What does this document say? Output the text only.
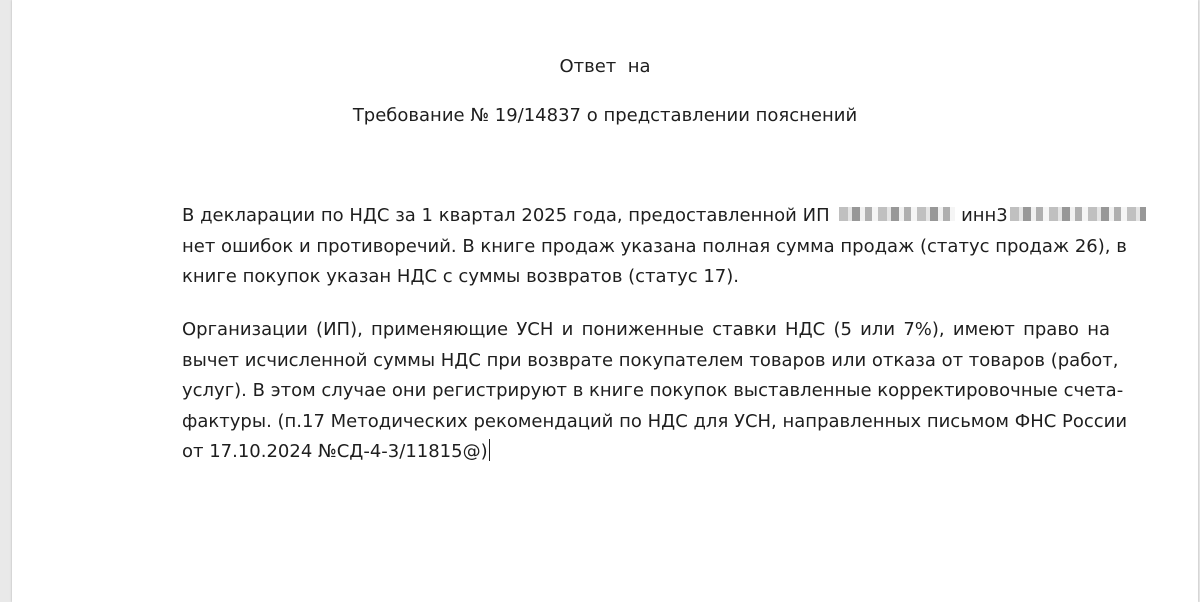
Ответ  на
Требование № 19/14837 о представлении пояснений
В декларации по НДС за 1 квартал 2025 года, предоставленной ИП	инн3
нет ошибок и противоречий. В книге продаж указана полная сумма продаж (статус продаж 26), в
книге покупок указан НДС с суммы возвратов (статус 17).
Организации (ИП), применяющие УСН и пониженные ставки НДС (5 или 7%), имеют право на
вычет исчисленной суммы НДС при возврате покупателем товаров или отказа от товаров (работ,
услуг). В этом случае они регистрируют в книге покупок выставленные корректировочные счета-
фактуры. (п.17 Методических рекомендаций по НДС для УСН, направленных письмом ФНС России
от 17.10.2024 №СД-4-3/11815@)
